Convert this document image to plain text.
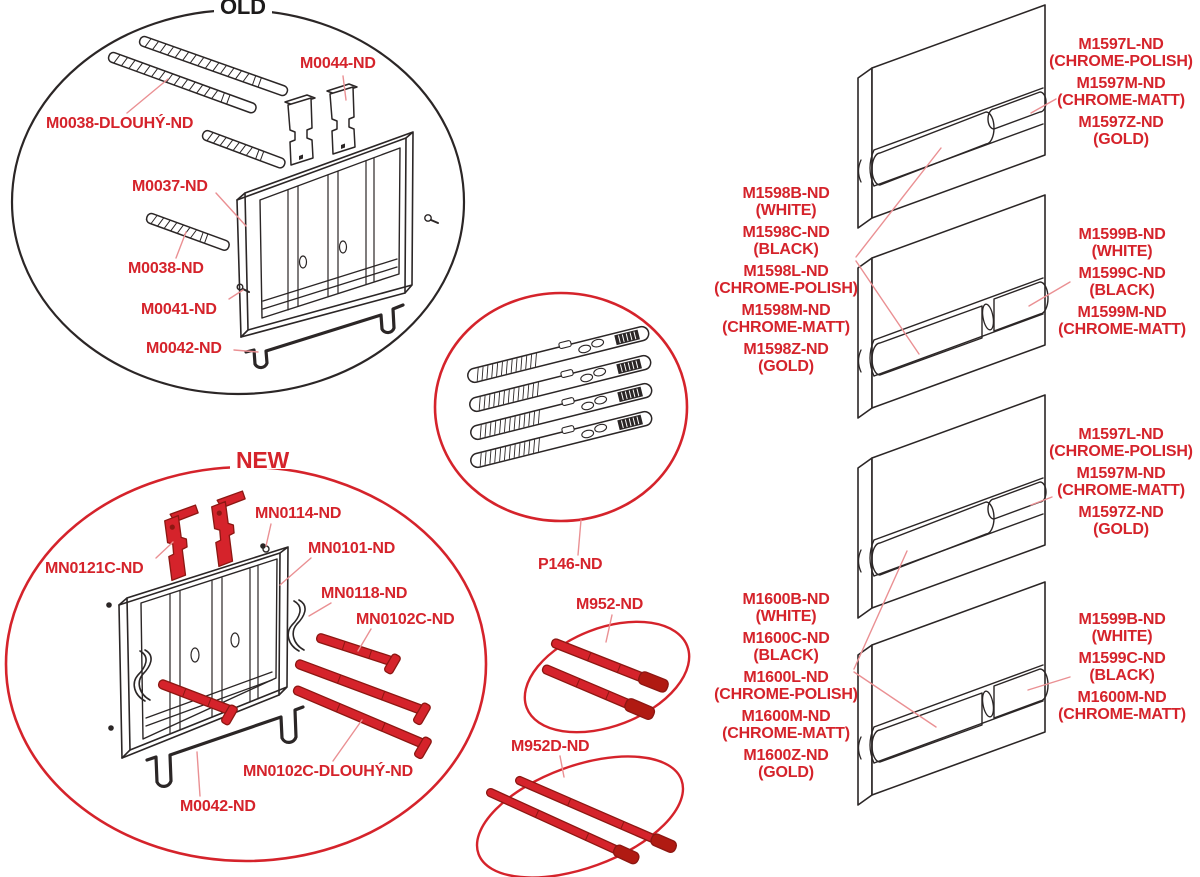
OLD
M0044-ND
M0038-DLOUHÝ-ND
M0037-ND
M0038-ND
M0041-ND
M0042-ND
NEW
MN0114-ND
MN0121C-ND
MN0101-ND
MN0118-ND
MN0102C-ND
MN0102C-DLOUHÝ-ND
M0042-ND
P146-ND
M952-ND
M952D-ND
M1597L-ND
(CHROME-POLISH)
M1597M-ND
(CHROME-MATT)
M1597Z-ND
(GOLD)
M1598B-ND
(WHITE)
M1598C-ND
(BLACK)
M1598L-ND
(CHROME-POLISH)
M1598M-ND
(CHROME-MATT)
M1598Z-ND
(GOLD)
M1599B-ND
(WHITE)
M1599C-ND
(BLACK)
M1599M-ND
(CHROME-MATT)
M1597L-ND
(CHROME-POLISH)
M1597M-ND
(CHROME-MATT)
M1597Z-ND
(GOLD)
M1600B-ND
(WHITE)
M1600C-ND
(BLACK)
M1600L-ND
(CHROME-POLISH)
M1600M-ND
(CHROME-MATT)
M1600Z-ND
(GOLD)
M1599B-ND
(WHITE)
M1599C-ND
(BLACK)
M1600M-ND
(CHROME-MATT)
